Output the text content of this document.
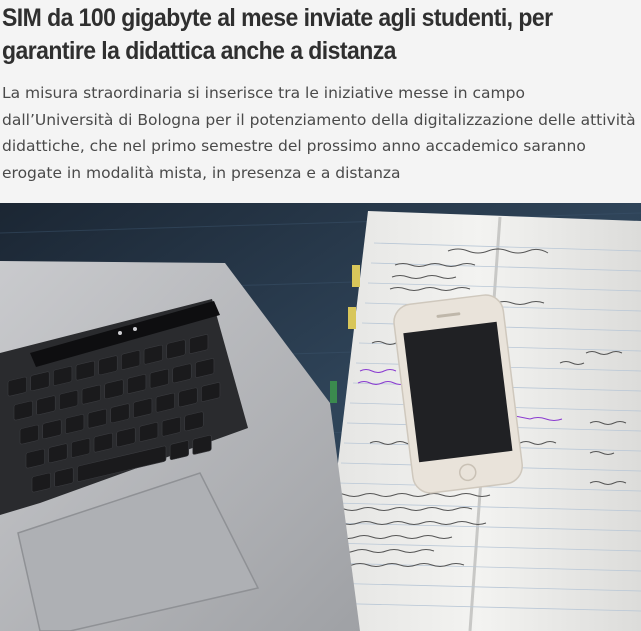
SIM da 100 gigabyte al mese inviate agli studenti, per garantire la didattica anche a distanza

La misura straordinaria si inserisce tra le iniziative messe in campo dall’Università di Bologna per il potenziamento della digitalizzazione delle attività didattiche, che nel primo semestre del prossimo anno accademico saranno erogate in modalità mista, in presenza e a distanza
